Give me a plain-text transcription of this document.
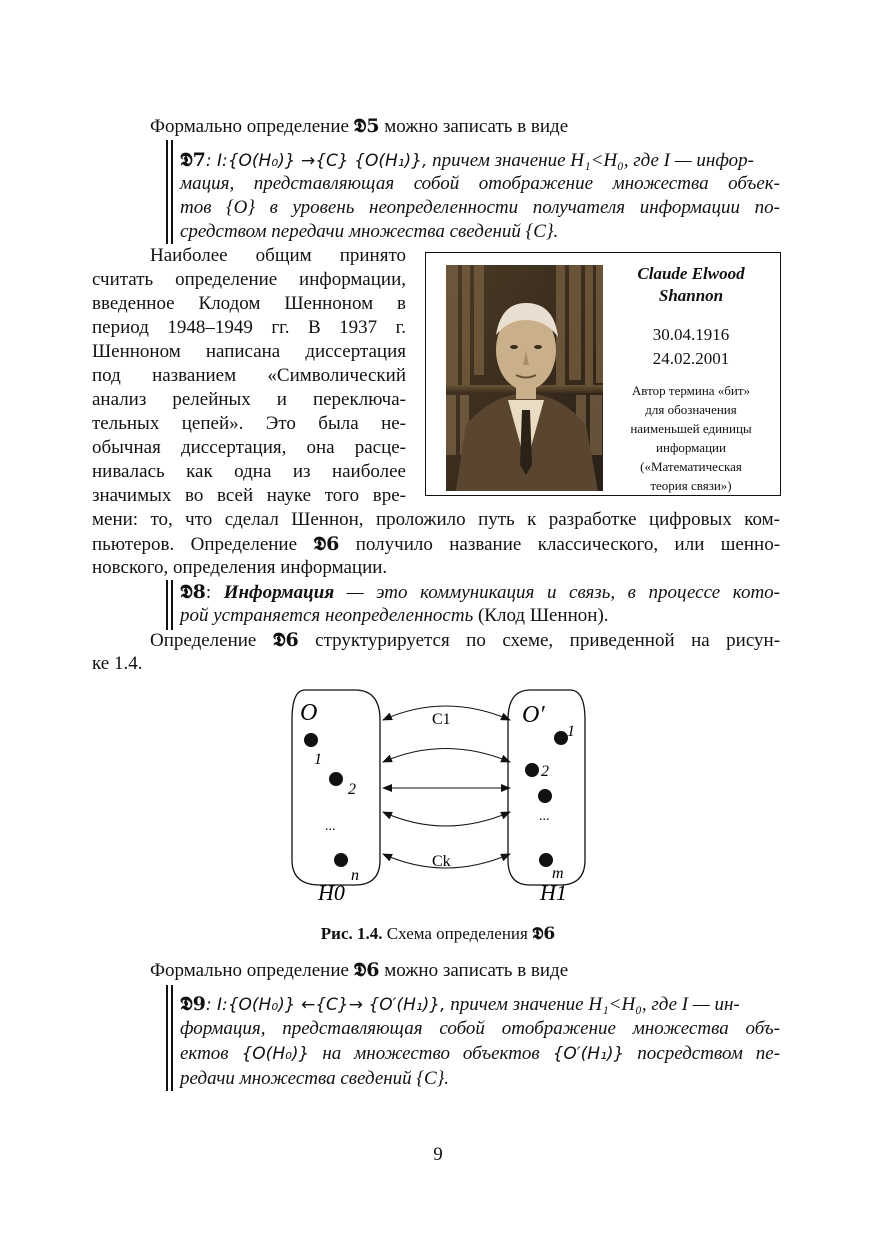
Формально определение 𝕯5 можно записать в виде
𝕯7: I:{O(H₀)} →{C} {O(H₁)}, причем значение H₁<H₀, где I — инфор-
мация, представляющая собой отображение множества объек-
тов {O} в уровень неопределенности получателя информации по-
средством передачи множества сведений {C}.
Наиболее общим принято
считать определение информации,
введенное Клодом Шенноном в
период 1948–1949 гг. В 1937 г.
Шенноном написана диссертация
под названием «Символический
анализ релейных и переключа-
тельных цепей». Это была не-
обычная диссертация, она расце-
нивалась как одна из наиболее
значимых во всей науке того вре-
Claude Elwood
Shannon
30.04.1916
24.02.2001
Автор термина «бит»
для обозначения
наименьшей единицы
информации
(«Математическая
теория связи»)
мени: то, что сделал Шеннон, проложило путь к разработке цифровых ком-
пьютеров. Определение 𝕯6 получило название классического, или шенно-
новского, определения информации.
𝕯8: Информация — это коммуникация и связь, в процессе кото-
рой устраняется неопределенность (Клод Шеннон).
Определение 𝕯6 структурируется по схеме, приведенной на рисун-
ке 1.4.
O	O′
C1
Ck
1
2
...
n
1
2
...
m
H0	H1
Рис. 1.4. Схема определения 𝕯6
Формально определение 𝕯6 можно записать в виде
𝕯9: I:{O(H₀)} ←{C}→ {O′(H₁)}, причем значение H₁<H₀, где I — ин-
формация, представляющая собой отображение множества объ-
ектов {O(H₀)} на множество объектов {O′(H₁)} посредством пе-
редачи множества сведений {C}.
9
